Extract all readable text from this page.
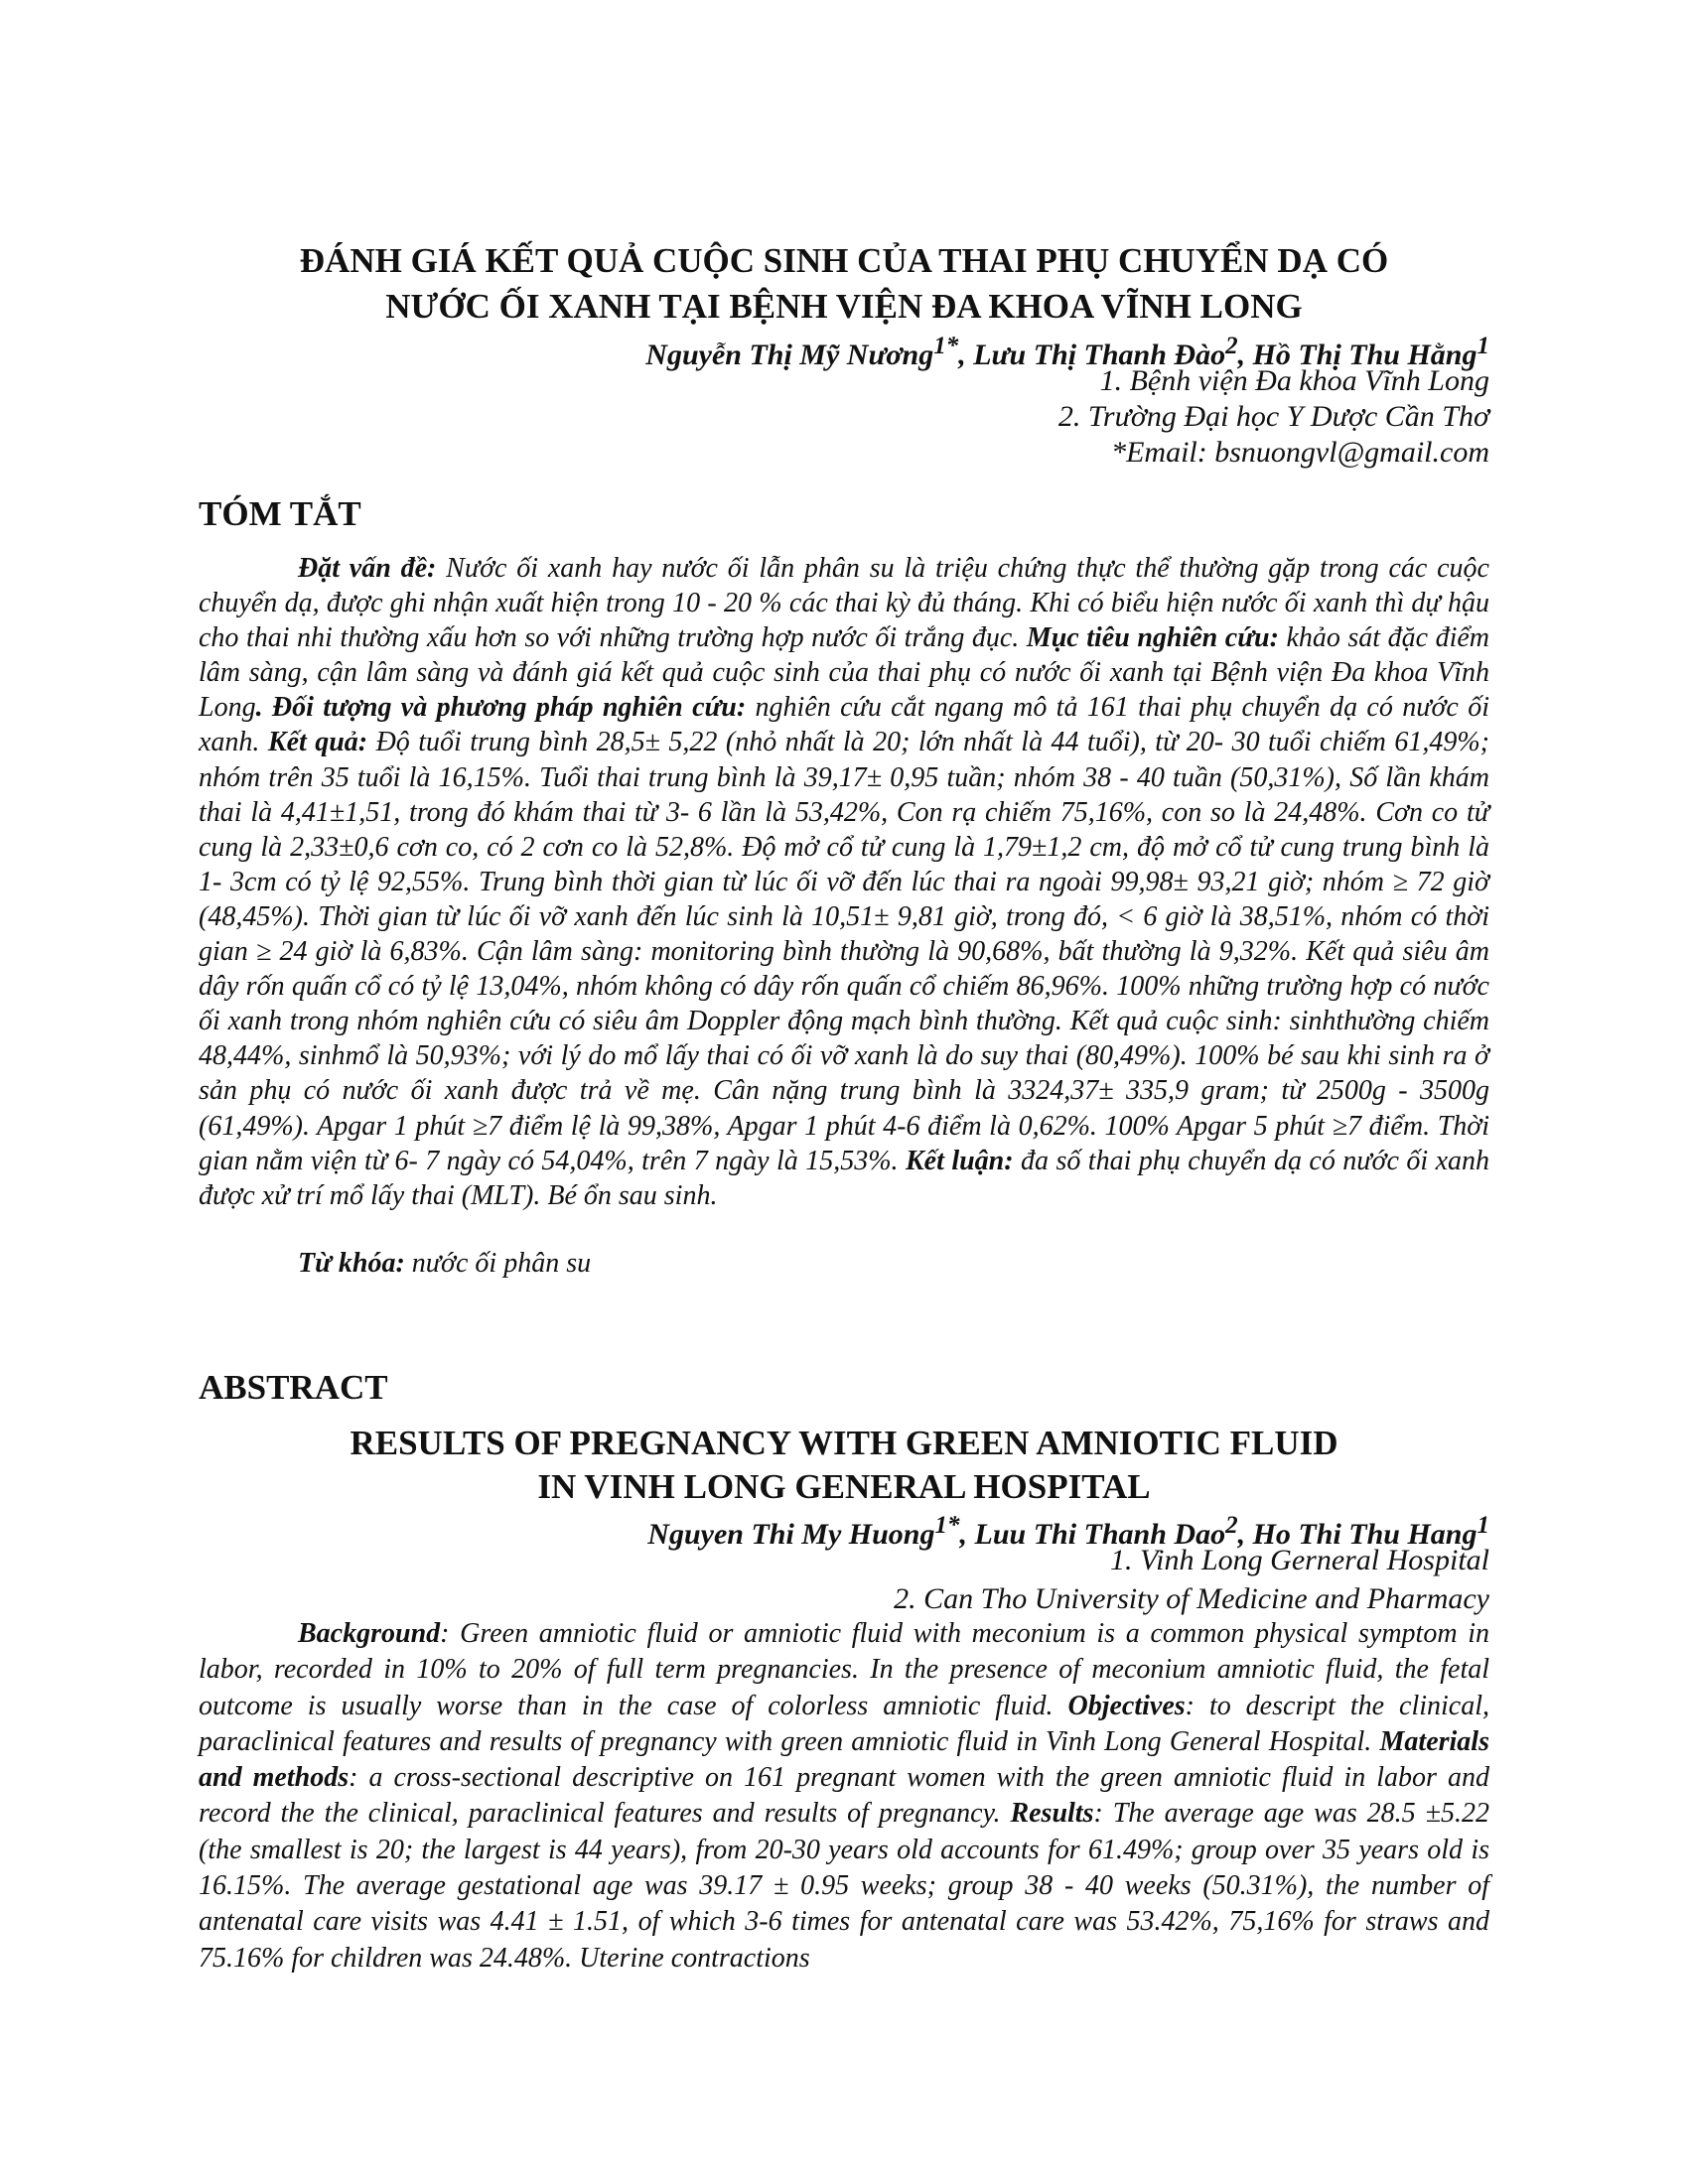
ĐÁNH GIÁ KẾT QUẢ CUỘC SINH CỦA THAI PHỤ CHUYỂN DẠ CÓ
NƯỚC ỐI XANH TẠI BỆNH VIỆN ĐA KHOA VĨNH LONG
Nguyễn Thị Mỹ Nương$^{1*}$, Lưu Thị Thanh Đào$^2$, Hồ Thị Thu Hằng$^1$
1. Bệnh viện Đa khoa Vĩnh Long
2. Trường Đại học Y Dược Cần Thơ
*Email: bsnuongvl@gmail.com
TÓM TẮT

Đặt vấn đề: Nước ối xanh hay nước ối lẫn phân su là triệu chứng thực thể thường gặp trong các cuộc chuyển dạ, được ghi nhận xuất hiện trong 10 - 20 % các thai kỳ đủ tháng. Khi có biểu hiện nước ối xanh thì dự hậu cho thai nhi thường xấu hơn so với những trường hợp nước ối trắng đục. Mục tiêu nghiên cứu: khảo sát đặc điểm lâm sàng, cận lâm sàng và đánh giá kết quả cuộc sinh của thai phụ có nước ối xanh tại Bệnh viện Đa khoa Vĩnh Long. Đối tượng và phương pháp nghiên cứu: nghiên cứu cắt ngang mô tả 161 thai phụ chuyển dạ có nước ối xanh. Kết quả: Độ tuổi trung bình 28,5± 5,22 (nhỏ nhất là 20; lớn nhất là 44 tuổi), từ 20- 30 tuổi chiếm 61,49%; nhóm trên 35 tuổi là 16,15%. Tuổi thai trung bình là 39,17± 0,95 tuần; nhóm 38 - 40 tuần (50,31%), Số lần khám thai là 4,41±1,51, trong đó khám thai từ 3- 6 lần là 53,42%, Con rạ chiếm 75,16%, con so là 24,48%. Cơn co tử cung là 2,33±0,6 cơn co, có 2 cơn co là 52,8%. Độ mở cổ tử cung là 1,79±1,2 cm, độ mở cổ tử cung trung bình là 1- 3cm có tỷ lệ 92,55%. Trung bình thời gian từ lúc ối vỡ đến lúc thai ra ngoài 99,98± 93,21 giờ; nhóm ≥ 72 giờ (48,45%). Thời gian từ lúc ối vỡ xanh đến lúc sinh là 10,51± 9,81 giờ, trong đó, < 6 giờ là 38,51%, nhóm có thời gian ≥ 24 giờ là 6,83%. Cận lâm sàng: monitoring bình thường là 90,68%, bất thường là 9,32%. Kết quả siêu âm dây rốn quấn cổ có tỷ lệ 13,04%, nhóm không có dây rốn quấn cổ chiếm 86,96%. 100% những trường hợp có nước ối xanh trong nhóm nghiên cứu có siêu âm Doppler động mạch bình thường. Kết quả cuộc sinh: sinhthường chiếm 48,44%, sinhmổ là 50,93%; với lý do mổ lấy thai có ối vỡ xanh là do suy thai (80,49%). 100% bé sau khi sinh ra ở sản phụ có nước ối xanh được trả về mẹ. Cân nặng trung bình là 3324,37± 335,9 gram; từ 2500g - 3500g (61,49%). Apgar 1 phút ≥7 điểm lệ là 99,38%, Apgar 1 phút 4-6 điểm là 0,62%. 100% Apgar 5 phút ≥7 điểm. Thời gian nằm viện từ 6- 7 ngày có 54,04%, trên 7 ngày là 15,53%. Kết luận: đa số thai phụ chuyển dạ có nước ối xanh được xử trí mổ lấy thai (MLT). Bé ổn sau sinh.

Từ khóa: nước ối phân su

ABSTRACT
RESULTS OF PREGNANCY WITH GREEN AMNIOTIC FLUID
IN VINH LONG GENERAL HOSPITAL
Nguyen Thi My Huong$^{1*}$, Luu Thi Thanh Dao$^2$, Ho Thi Thu Hang$^1$
1. Vinh Long Gerneral Hospital
2. Can Tho University of Medicine and Pharmacy

Background: Green amniotic fluid or amniotic fluid with meconium is a common physical symptom in labor, recorded in 10% to 20% of full term pregnancies. In the presence of meconium amniotic fluid, the fetal outcome is usually worse than in the case of colorless amniotic fluid. Objectives: to descript the clinical, paraclinical features and results of pregnancy with green amniotic fluid in Vinh Long General Hospital. Materials and methods: a cross-sectional descriptive on 161 pregnant women with the green amniotic fluid in labor and record the the clinical, paraclinical features and results of pregnancy. Results: The average age was 28.5 ±5.22 (the smallest is 20; the largest is 44 years), from 20-30 years old accounts for 61.49%; group over 35 years old is 16.15%. The average gestational age was 39.17 ± 0.95 weeks; group 38 - 40 weeks (50.31%), the number of antenatal care visits was 4.41 ± 1.51, of which 3-6 times for antenatal care was 53.42%, 75,16% for straws and 75.16% for children was 24.48%. Uterine contractions
